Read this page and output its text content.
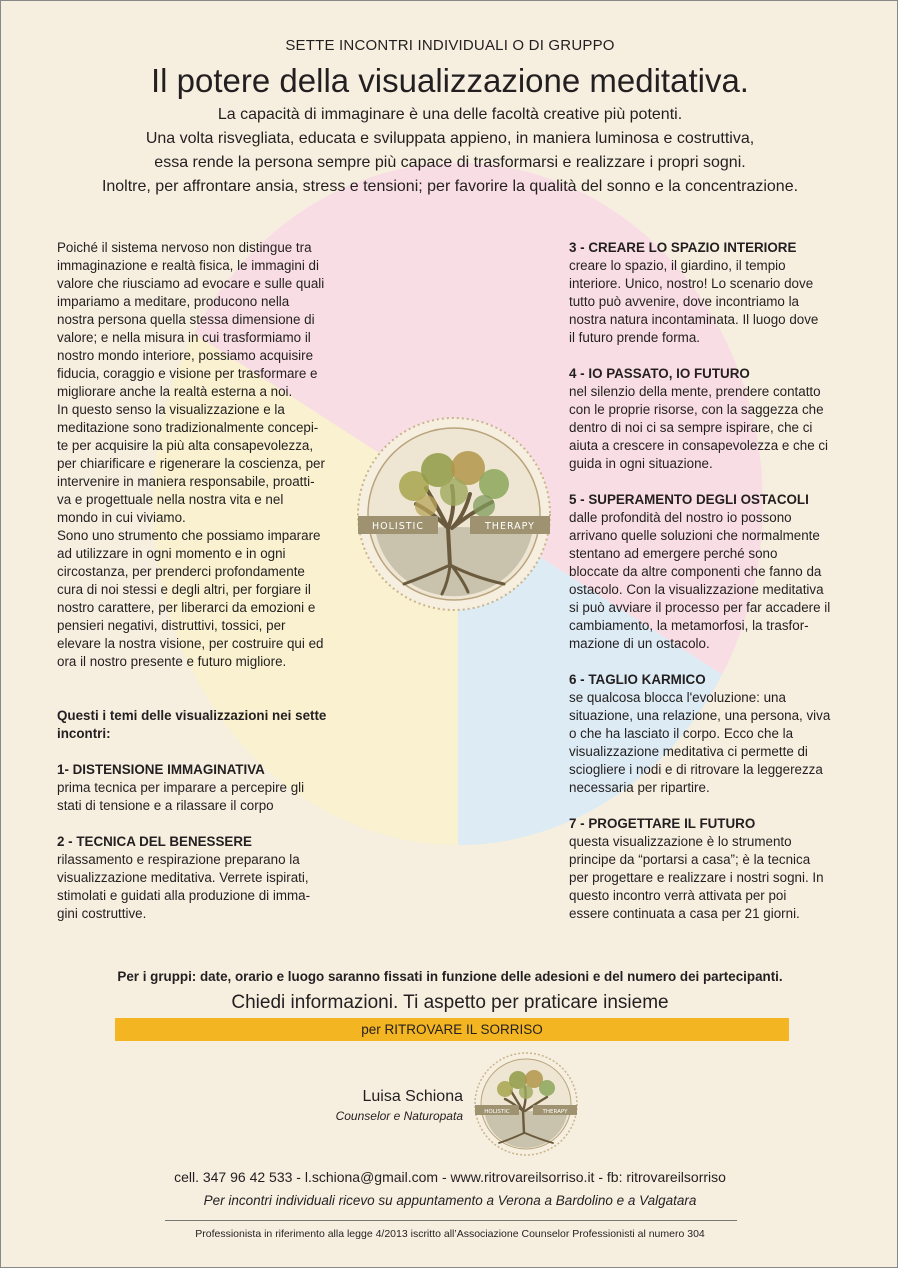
SETTE INCONTRI INDIVIDUALI O DI GRUPPO
Il potere della visualizzazione meditativa.
La capacità di immaginare è una delle facoltà creative più potenti.
Una volta risvegliata, educata e sviluppata appieno, in maniera luminosa e costruttiva,
essa rende la persona sempre più capace di trasformarsi e realizzare i propri sogni.
Inoltre, per affrontare ansia, stress e tensioni; per favorire la qualità del sonno e la concentrazione.
HOLISTIC	THERAPY

Poiché il sistema nervoso non distingue tra

immaginazione e realtà fisica, le immagini di

valore che riusciamo ad evocare e sulle quali

impariamo a meditare, producono nella

nostra persona quella stessa dimensione di

valore; e nella misura in cui trasformiamo il

nostro mondo interiore, possiamo acquisire

fiducia, coraggio e visione per trasformare e

migliorare anche la realtà esterna a noi.

In questo senso la visualizzazione e la

meditazione sono tradizionalmente concepi-

te per acquisire la più alta consapevolezza,

per chiarificare e rigenerare la coscienza, per

intervenire in maniera responsabile, proatti-

va e progettuale nella nostra vita e nel

mondo in cui viviamo.

Sono uno strumento che possiamo imparare

ad utilizzare in ogni momento e in ogni

circostanza, per prenderci profondamente

cura di noi stessi e degli altri, per forgiare il

nostro carattere, per liberarci da emozioni e

pensieri negativi, distruttivi, tossici, per

elevare la nostra visione, per costruire qui ed

ora il nostro presente e futuro migliore.

Questi i temi delle visualizzazioni nei sette

incontri:

1- DISTENSIONE IMMAGINATIVA

prima tecnica per imparare a percepire gli

stati di tensione e a rilassare il corpo

2 - TECNICA DEL BENESSERE

rilassamento e respirazione preparano la

visualizzazione meditativa. Verrete ispirati,

stimolati e guidati alla produzione di imma-

gini costruttive.

3 - CREARE LO SPAZIO INTERIORE

creare lo spazio, il giardino, il tempio

interiore. Unico, nostro! Lo scenario dove

tutto può avvenire, dove incontriamo la

nostra natura incontaminata. Il luogo dove

il futuro prende forma.

4 - IO PASSATO, IO FUTURO

nel silenzio della mente, prendere contatto

con le proprie risorse, con la saggezza che

dentro di noi ci sa sempre ispirare, che ci

aiuta a crescere in consapevolezza e che ci

guida in ogni situazione.

5 - SUPERAMENTO DEGLI OSTACOLI

dalle profondità del nostro io possono

arrivano quelle soluzioni che normalmente

stentano ad emergere perché sono

bloccate da altre componenti che fanno da

ostacolo. Con la visualizzazione meditativa

si può avviare il processo per far accadere il

cambiamento, la metamorfosi, la trasfor-

mazione di un ostacolo.

6 - TAGLIO KARMICO

se qualcosa blocca l'evoluzione: una

situazione, una relazione, una persona, viva

o che ha lasciato il corpo. Ecco che la

visualizzazione meditativa ci permette di

sciogliere i nodi e di ritrovare la leggerezza

necessaria per ripartire.

7 - PROGETTARE IL FUTURO

questa visualizzazione è lo strumento

principe da “portarsi a casa”; è la tecnica

per progettare e realizzare i nostri sogni. In

questo incontro verrà attivata per poi

essere continuata a casa per 21 giorni.

Per i gruppi: date, orario e luogo saranno fissati in funzione delle adesioni e del numero dei partecipanti.
Chiedi informazioni. Ti aspetto per praticare insieme
per RITROVARE IL SORRISO
Luisa Schiona
Counselor e Naturopata	HOLISTIC	THERAPY
cell. 347 96 42 533 - l.schiona@gmail.com - www.ritrovareilsorriso.it - fb: ritrovareilsorriso
Per incontri individuali ricevo su appuntamento a Verona a Bardolino e a Valgatara
Professionista in riferimento alla legge 4/2013 iscritto all’Associazione Counselor Professionisti al numero 304
